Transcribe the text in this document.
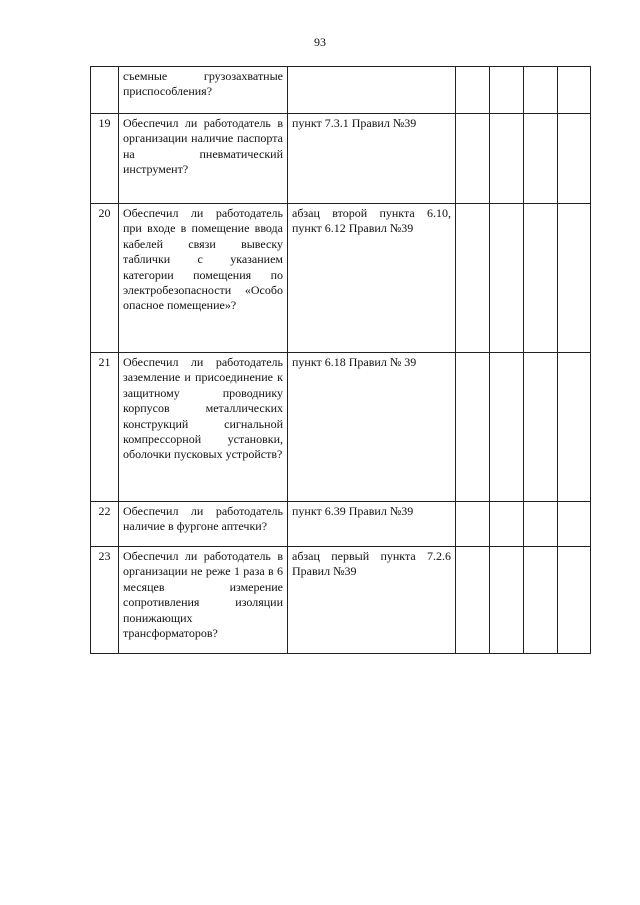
93
	съемные грузозахватные приспособления?					
19	Обеспечил ли работодатель в организации наличие паспорта на пневматический инструмент?	пункт 7.3.1 Правил №39				
20	Обеспечил ли работодатель при входе в помещение ввода кабелей связи вывеску таблички с указанием категории помещения по электробезопасности «Особо опасное помещение»?	абзац второй пункта 6.10, пункт 6.12 Правил №39				
21	Обеспечил ли работодатель заземление и присоединение к защитному проводнику корпусов металлических конструкций сигнальной компрессорной установки, оболочки пусковых устройств?	пункт 6.18 Правил № 39				
22	Обеспечил ли работодатель наличие в фургоне аптечки?	пункт 6.39 Правил №39				
23	Обеспечил ли работодатель в организации не реже 1 раза в 6 месяцев измерение сопротивления изоляции понижающих трансформаторов?	абзац первый пункта 7.2.6 Правил №39				
